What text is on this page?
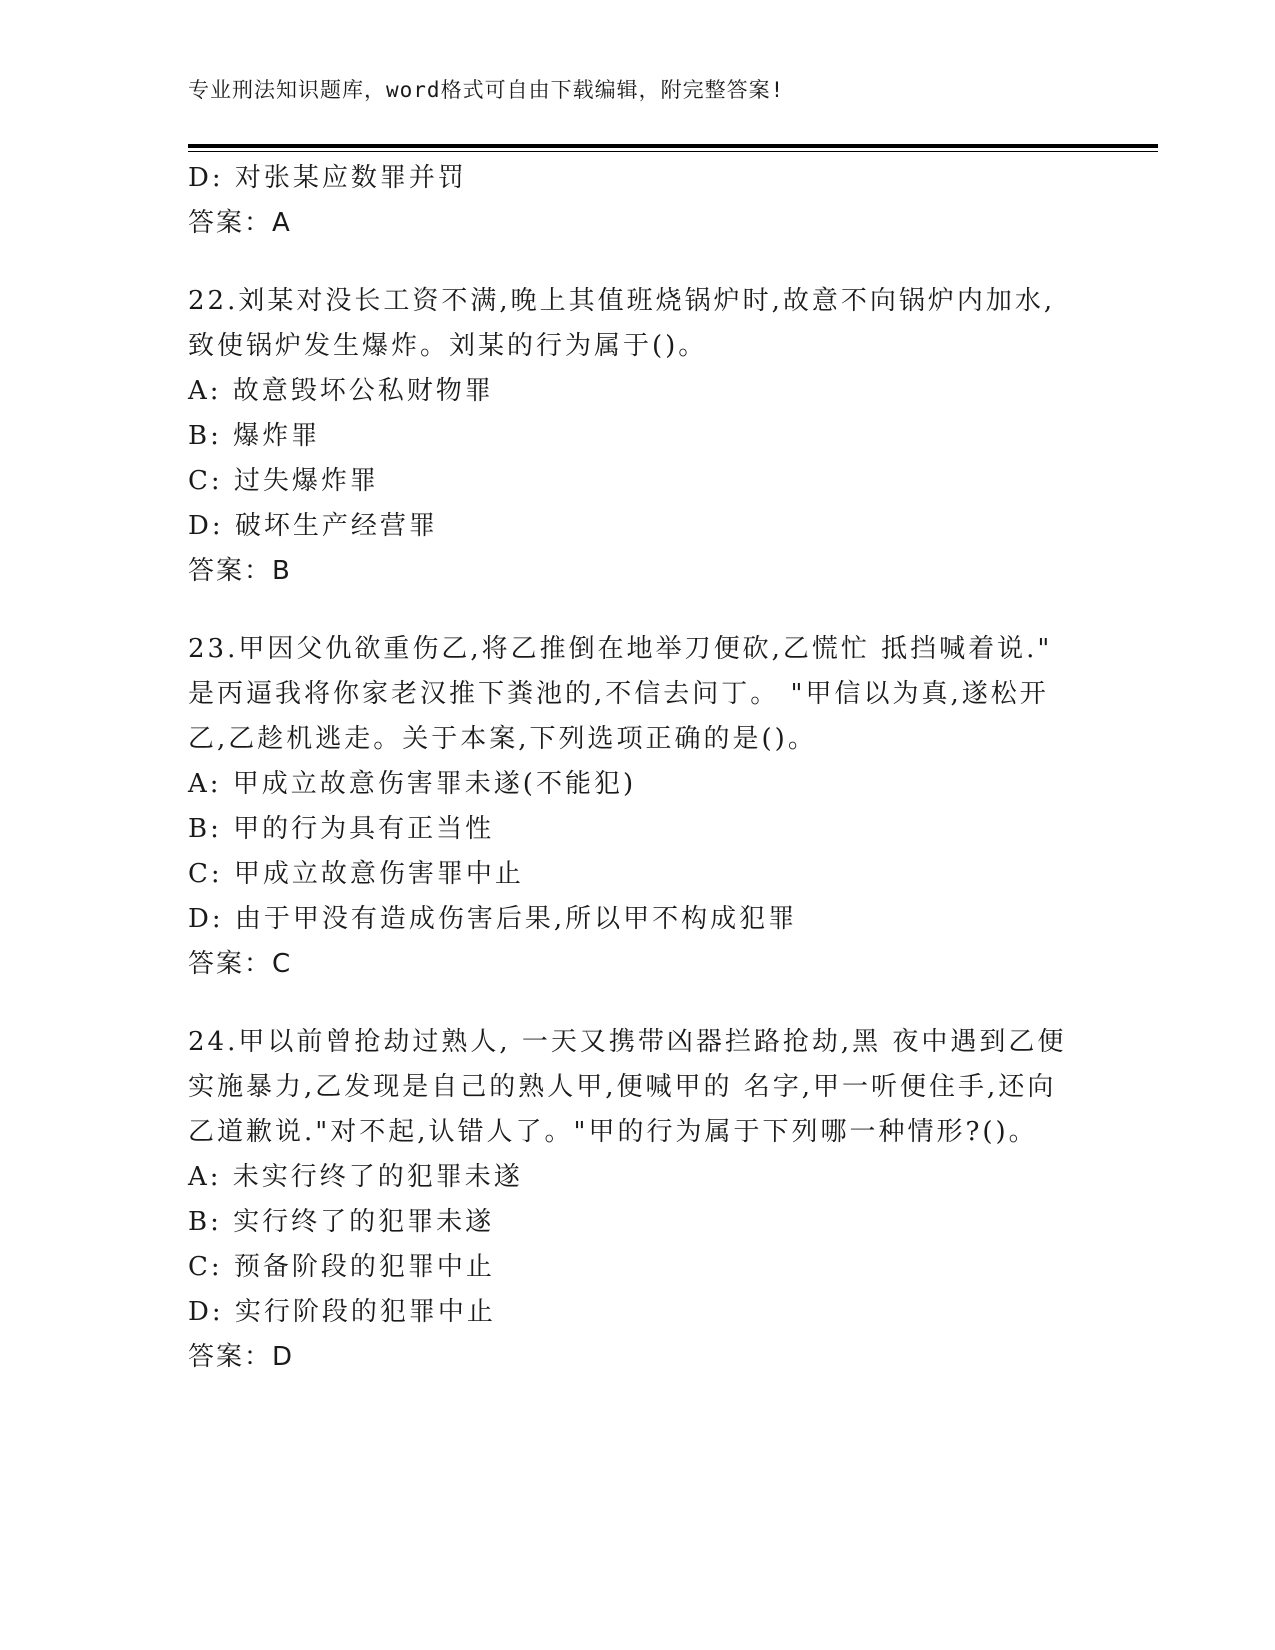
专业刑法知识题库，word格式可自由下载编辑，附完整答案!
D: 对张某应数罪并罚
答案：A
22.刘某对没长工资不满,晚上其值班烧锅炉时,故意不向锅炉内加水,
致使锅炉发生爆炸。刘某的行为属于()。
A: 故意毁坏公私财物罪
B: 爆炸罪
C: 过失爆炸罪
D: 破坏生产经营罪
答案：B
23.甲因父仇欲重伤乙,将乙推倒在地举刀便砍,乙慌忙 抵挡喊着说."
是丙逼我将你家老汉推下粪池的,不信去问丁。 "甲信以为真,遂松开
乙,乙趁机逃走。关于本案,下列选项正确的是()。
A: 甲成立故意伤害罪未遂(不能犯)
B: 甲的行为具有正当性
C: 甲成立故意伤害罪中止
D: 由于甲没有造成伤害后果,所以甲不构成犯罪
答案：C
24.甲以前曾抢劫过熟人, 一天又携带凶器拦路抢劫,黑 夜中遇到乙便
实施暴力,乙发现是自己的熟人甲,便喊甲的 名字,甲一听便住手,还向
乙道歉说."对不起,认错人了。"甲的行为属于下列哪一种情形?()。
A: 未实行终了的犯罪未遂
B: 实行终了的犯罪未遂
C: 预备阶段的犯罪中止
D: 实行阶段的犯罪中止
答案：D
